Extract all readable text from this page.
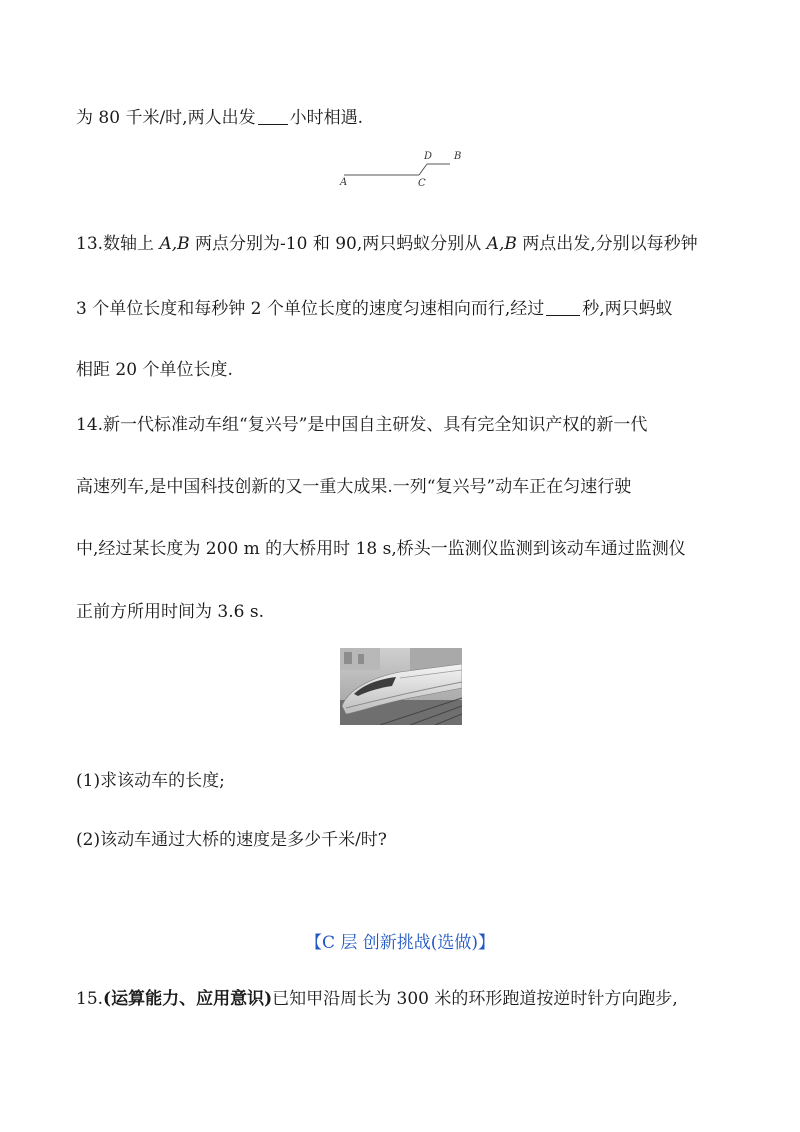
为 80 千米/时,两人出发 小时相遇.
A	C
D B
13.数轴上 A,B 两点分别为-10 和 90,两只蚂蚁分别从 A,B 两点出发,分别以每秒钟
3 个单位长度和每秒钟 2 个单位长度的速度匀速相向而行,经过 秒,两只蚂蚁
相距 20 个单位长度.
14.新一代标准动车组“复兴号”是中国自主研发、具有完全知识产权的新一代
高速列车,是中国科技创新的又一重大成果.一列“复兴号”动车正在匀速行驶
中,经过某长度为 200 m 的大桥用时 18 s,桥头一监测仪监测到该动车通过监测仪
正前方所用时间为 3.6 s.
(1)求该动车的长度;
(2)该动车通过大桥的速度是多少千米/时?
【C 层 创新挑战(选做)】
15.(运算能力、应用意识)已知甲沿周长为 300 米的环形跑道按逆时针方向跑步,
